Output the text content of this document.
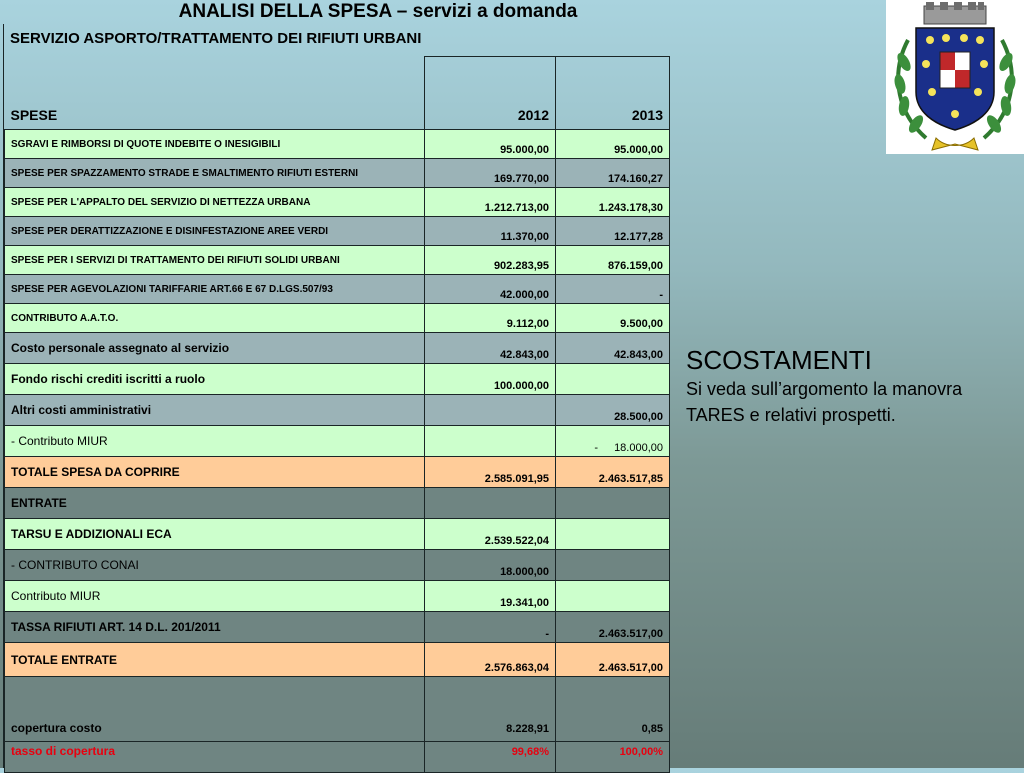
ANALISI DELLA SPESA – servizi a domanda
SERVIZIO ASPORTO/TRATTAMENTO DEI RIFIUTI URBANI
SPESE	2012	2013
SGRAVI E RIMBORSI DI QUOTE INDEBITE O INESIGIBILI	95.000,00	95.000,00
SPESE PER SPAZZAMENTO STRADE E SMALTIMENTO RIFIUTI ESTERNI	169.770,00	174.160,27
SPESE PER L'APPALTO DEL SERVIZIO DI NETTEZZA URBANA	1.212.713,00	1.243.178,30
SPESE PER DERATTIZZAZIONE E DISINFESTAZIONE AREE VERDI	11.370,00	12.177,28
SPESE PER I SERVIZI DI TRATTAMENTO DEI RIFIUTI SOLIDI URBANI	902.283,95	876.159,00
SPESE PER AGEVOLAZIONI TARIFFARIE ART.66 E 67 D.LGS.507/93	42.000,00	-
CONTRIBUTO A.A.T.O.	9.112,00	9.500,00
Costo personale assegnato al servizio	42.843,00	42.843,00
Fondo rischi crediti iscritti a ruolo	100.000,00	
Altri costi amministrativi		28.500,00
- Contributo MIUR		- 18.000,00
TOTALE SPESA DA COPRIRE	2.585.091,95	2.463.517,85
ENTRATE		
TARSU E ADDIZIONALI ECA	2.539.522,04	
- CONTRIBUTO CONAI	18.000,00	
Contributo MIUR	19.341,00	
TASSA RIFIUTI ART. 14 D.L. 201/2011	-	2.463.517,00
TOTALE ENTRATE	2.576.863,04	2.463.517,00
copertura costo	8.228,91	0,85
tasso di copertura	99,68%	100,00%
SCOSTAMENTI
Si veda sull’argomento la manovra TARES e relativi prospetti.
